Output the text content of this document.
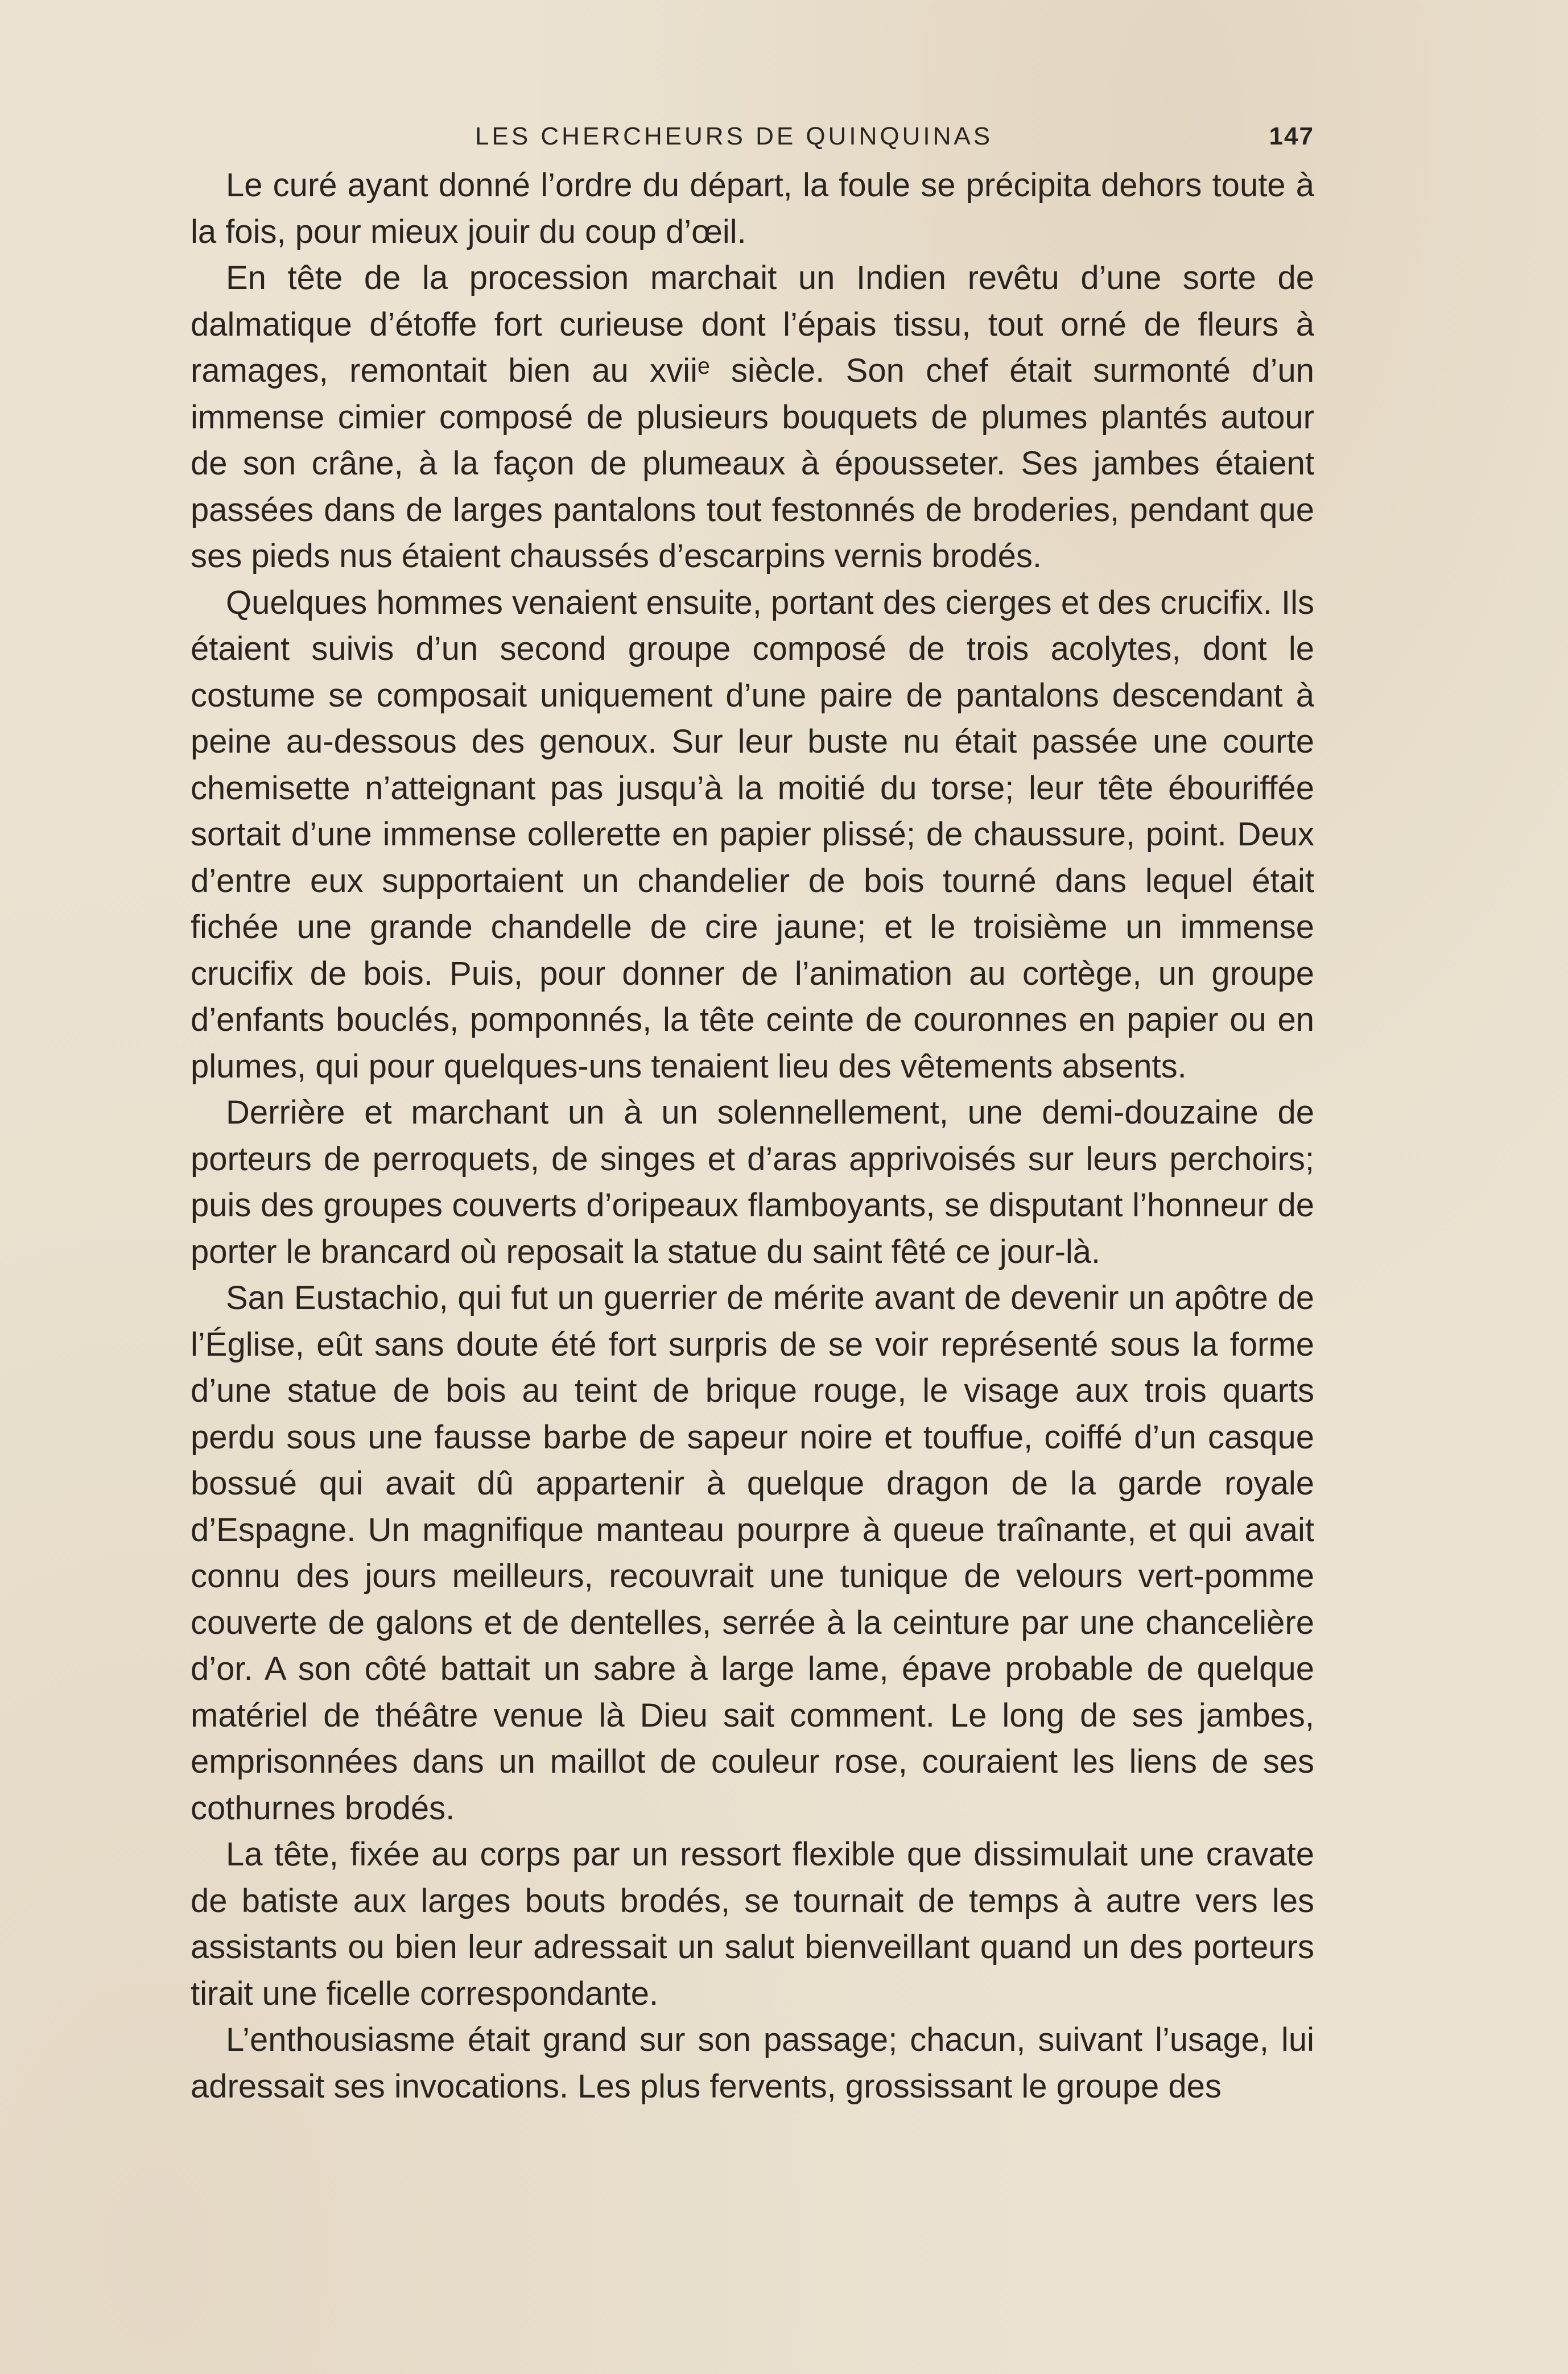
LES CHERCHEURS DE QUINQUINAS	147

Le curé ayant donné l’ordre du départ, la foule se précipita dehors toute à la fois, pour mieux jouir du coup d’œil.

En tête de la procession marchait un Indien revêtu d’une sorte de dalmatique d’étoffe fort curieuse dont l’épais tissu, tout orné de fleurs à ramages, remontait bien au xviiᵉ siècle. Son chef était surmonté d’un immense cimier composé de plusieurs bouquets de plumes plantés autour de son crâne, à la façon de plumeaux à épousseter. Ses jambes étaient passées dans de larges pantalons tout festonnés de broderies, pendant que ses pieds nus étaient chaussés d’escarpins vernis brodés.

Quelques hommes venaient ensuite, portant des cierges et des crucifix. Ils étaient suivis d’un second groupe composé de trois acolytes, dont le costume se composait uniquement d’une paire de pantalons descendant à peine au-dessous des genoux. Sur leur buste nu était passée une courte chemisette n’atteignant pas jusqu’à la moitié du torse; leur tête ébouriffée sortait d’une immense collerette en papier plissé; de chaussure, point. Deux d’entre eux supportaient un chandelier de bois tourné dans lequel était fichée une grande chandelle de cire jaune; et le troisième un immense crucifix de bois. Puis, pour donner de l’animation au cortège, un groupe d’enfants bouclés, pomponnés, la tête ceinte de couronnes en papier ou en plumes, qui pour quelques-uns tenaient lieu des vêtements absents.

Derrière et marchant un à un solennellement, une demi-douzaine de porteurs de perroquets, de singes et d’aras apprivoisés sur leurs perchoirs; puis des groupes couverts d’oripeaux flamboyants, se disputant l’honneur de porter le brancard où reposait la statue du saint fêté ce jour-là.

San Eustachio, qui fut un guerrier de mérite avant de devenir un apôtre de l’Église, eût sans doute été fort surpris de se voir représenté sous la forme d’une statue de bois au teint de brique rouge, le visage aux trois quarts perdu sous une fausse barbe de sapeur noire et touffue, coiffé d’un casque bossué qui avait dû appartenir à quelque dragon de la garde royale d’Espagne. Un magnifique manteau pourpre à queue traînante, et qui avait connu des jours meilleurs, recouvrait une tunique de velours vert-pomme couverte de galons et de dentelles, serrée à la ceinture par une chancelière d’or. A son côté battait un sabre à large lame, épave probable de quelque matériel de théâtre venue là Dieu sait comment. Le long de ses jambes, emprisonnées dans un maillot de couleur rose, couraient les liens de ses cothurnes brodés.

La tête, fixée au corps par un ressort flexible que dissimulait une cravate de batiste aux larges bouts brodés, se tournait de temps à autre vers les assistants ou bien leur adressait un salut bienveillant quand un des porteurs tirait une ficelle correspondante.

L’enthousiasme était grand sur son passage; chacun, suivant l’usage, lui adressait ses invocations. Les plus fervents, grossissant le groupe des
